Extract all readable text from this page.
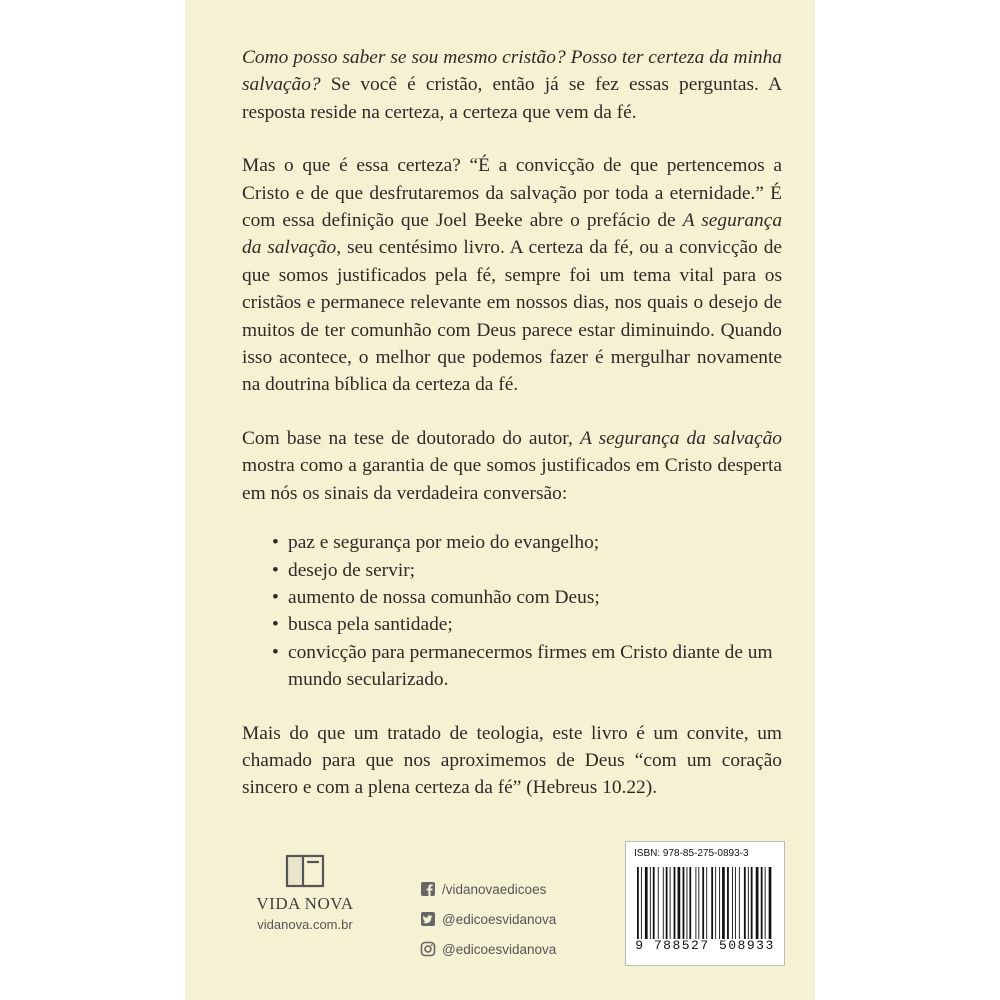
Como posso saber se sou mesmo cristão? Posso ter certeza da minha salvação? Se você é cristão, então já se fez essas perguntas. A resposta reside na certeza, a certeza que vem da fé.

Mas o que é essa certeza? “É a convicção de que pertencemos a Cristo e de que desfrutaremos da salvação por toda a eternidade.” É com essa definição que Joel Beeke abre o prefácio de A segurança da salvação, seu centésimo livro. A certeza da fé, ou a convicção de que somos justificados pela fé, sempre foi um tema vital para os cristãos e permanece relevante em nossos dias, nos quais o desejo de muitos de ter comunhão com Deus parece estar diminuindo. Quando isso acontece, o melhor que podemos fazer é mergulhar novamente na doutrina bíblica da certeza da fé.

Com base na tese de doutorado do autor, A segurança da salvação mostra como a garantia de que somos justificados em Cristo desperta em nós os sinais da verdadeira conversão:

• paz e segurança por meio do evangelho;
• desejo de servir;
• aumento de nossa comunhão com Deus;
• busca pela santidade;
• convicção para permanecermos firmes em Cristo diante de um mundo secularizado.

Mais do que um tratado de teologia, este livro é um convite, um chamado para que nos aproximemos de Deus “com um coração sincero e com a plena certeza da fé” (Hebreus 10.22).

VIDA NOVA
vidanova.com.br
/vidanovaedicoes
@edicoesvidanova
@edicoesvidanova
ISBN: 978-85-275-0893-3
9 788527 508933
